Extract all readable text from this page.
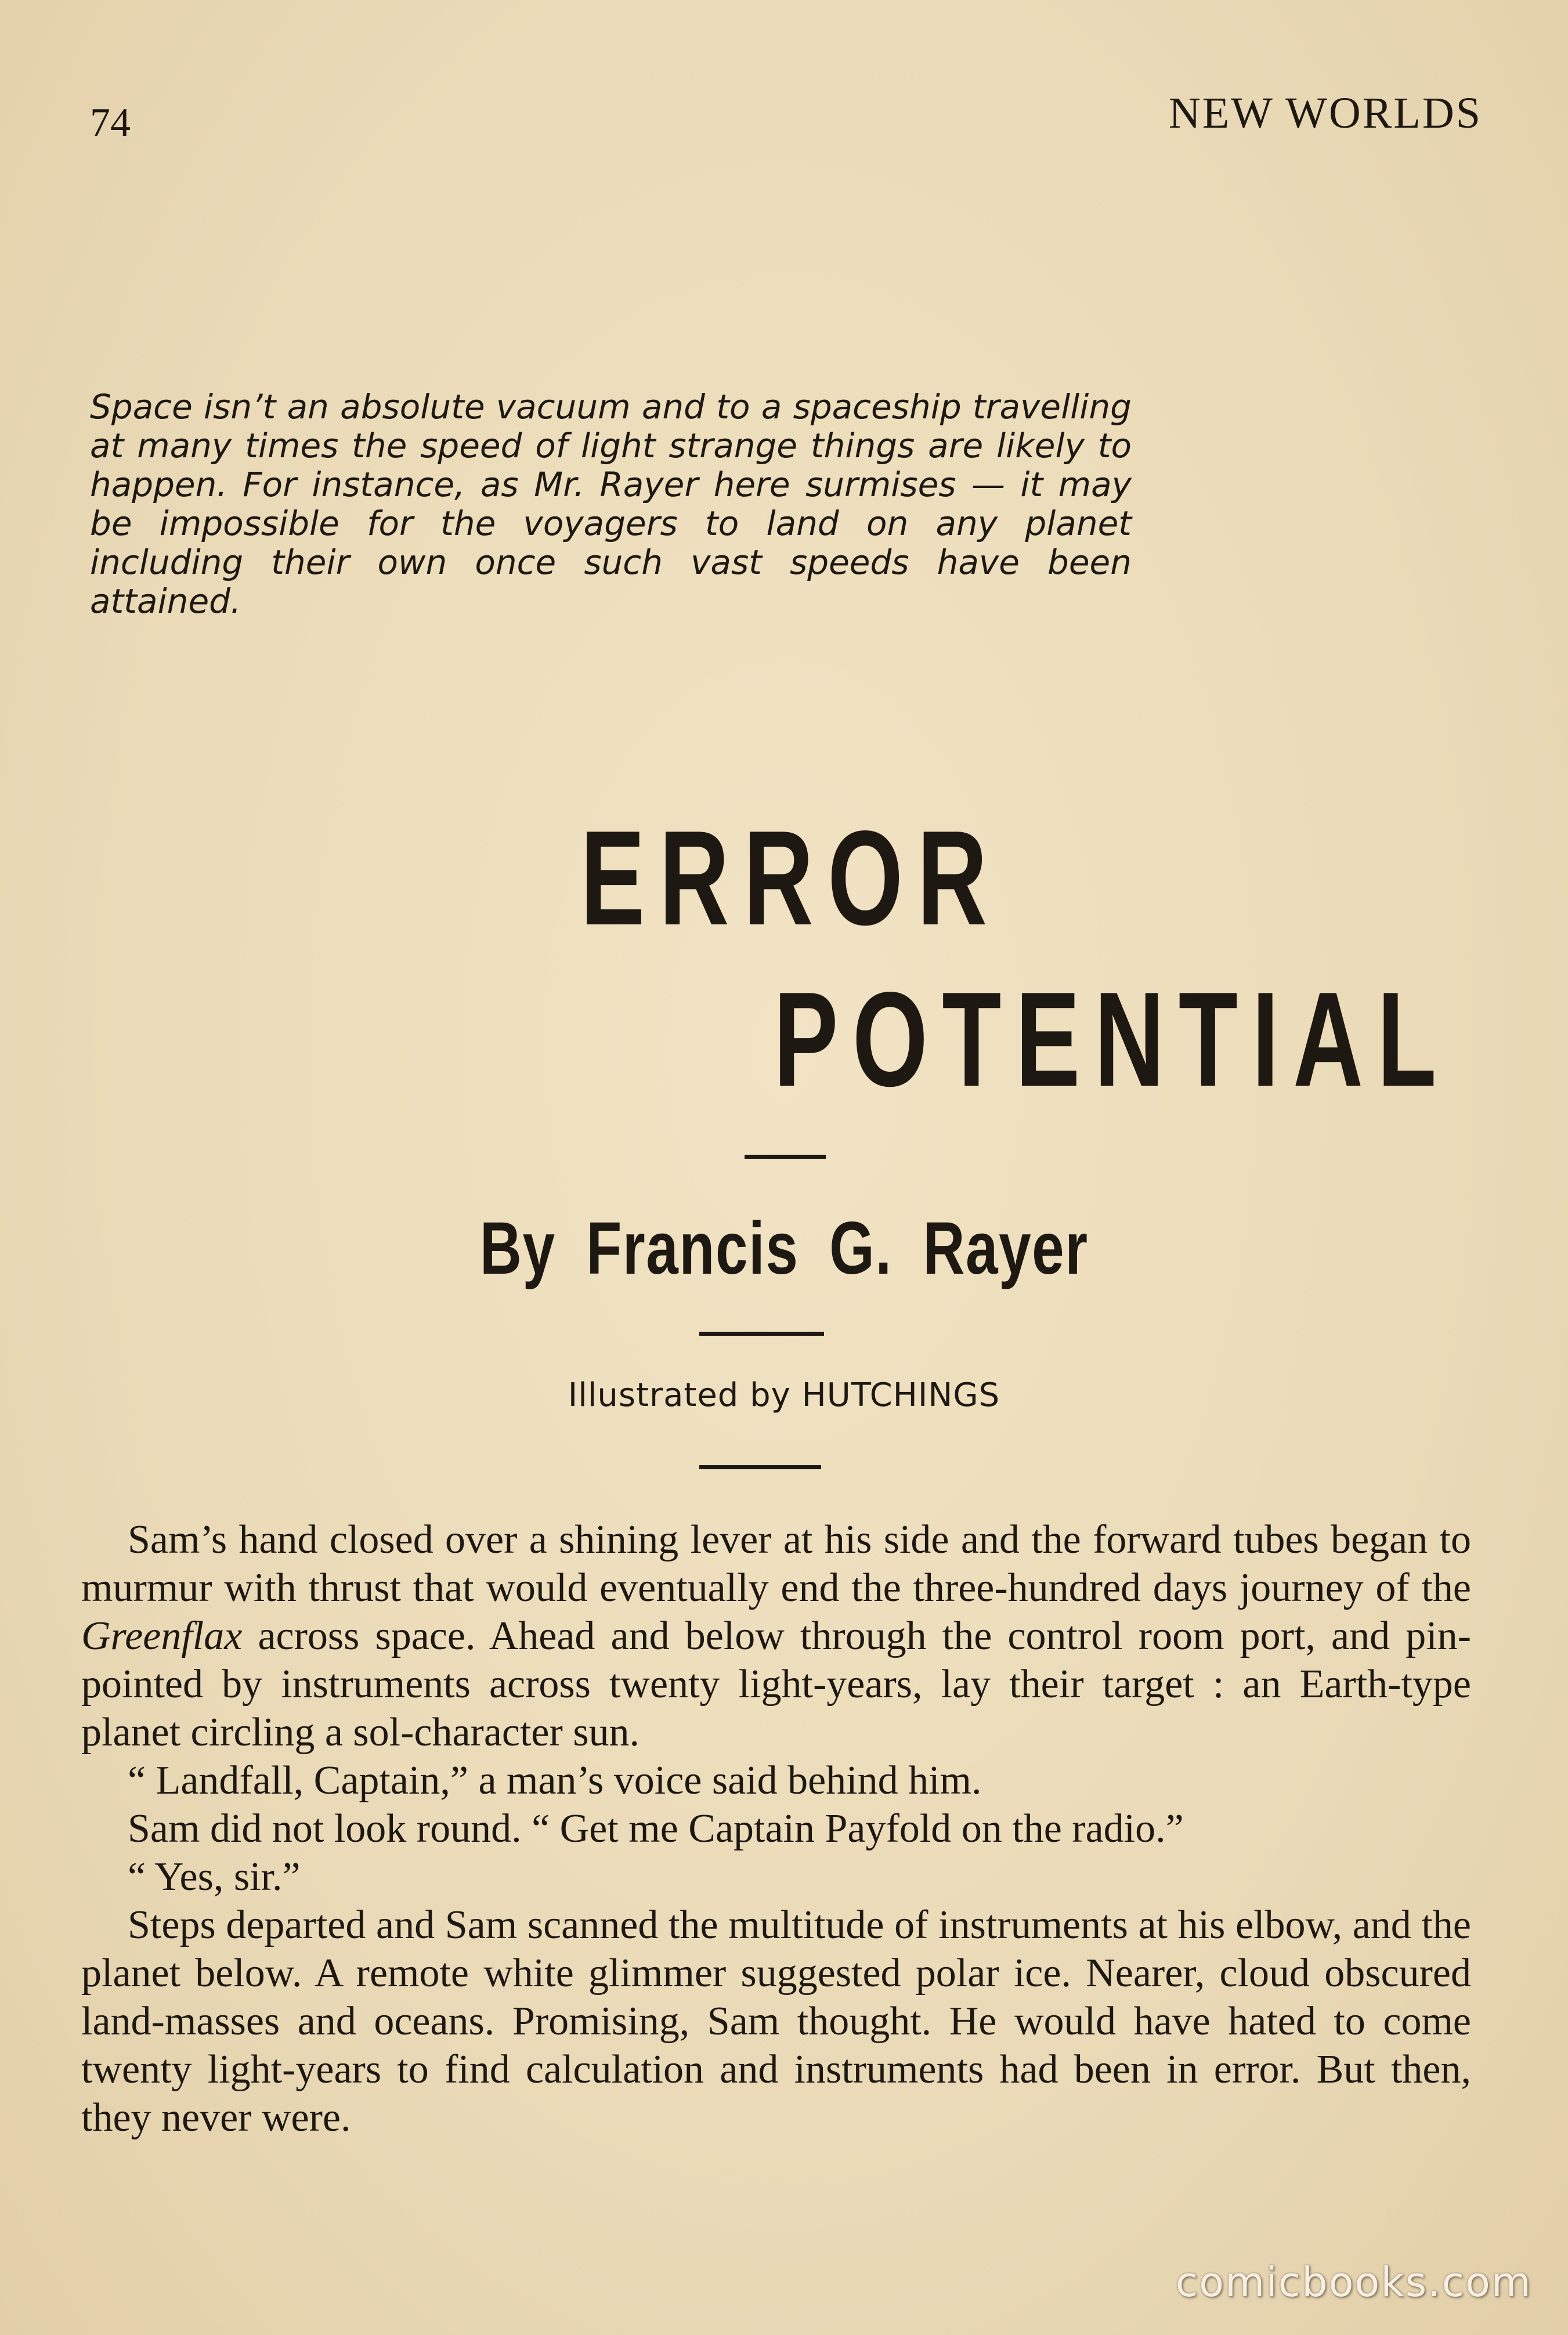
74	NEW WORLDS
Space isn’t an absolute vacuum and to a spaceship travelling at many times the speed of light strange things are likely to happen. For instance, as Mr. Rayer here surmises — it may be impossible for the voyagers to land on any planet including their own once such vast speeds have been attained.
ERROR
POTENTIAL
By Francis G. Rayer
Illustrated by HUTCHINGS

Sam’s hand closed over a shining lever at his side and the forward tubes began to murmur with thrust that would eventually end the three-hundred days journey of the Greenflax across space. Ahead and below through the control room port, and pin-pointed by instruments across twenty light-years, lay their target : an Earth-type planet circling a sol-character sun.

“ Landfall, Captain,” a man’s voice said behind him.

Sam did not look round. “ Get me Captain Payfold on the radio.”

“ Yes, sir.”

Steps departed and Sam scanned the multitude of instruments at his elbow, and the planet below. A remote white glimmer suggested polar ice. Nearer, cloud obscured land-masses and oceans. Promising, Sam thought. He would have hated to come twenty light-years to find calculation and instruments had been in error. But then, they never were.

comicbooks.com
